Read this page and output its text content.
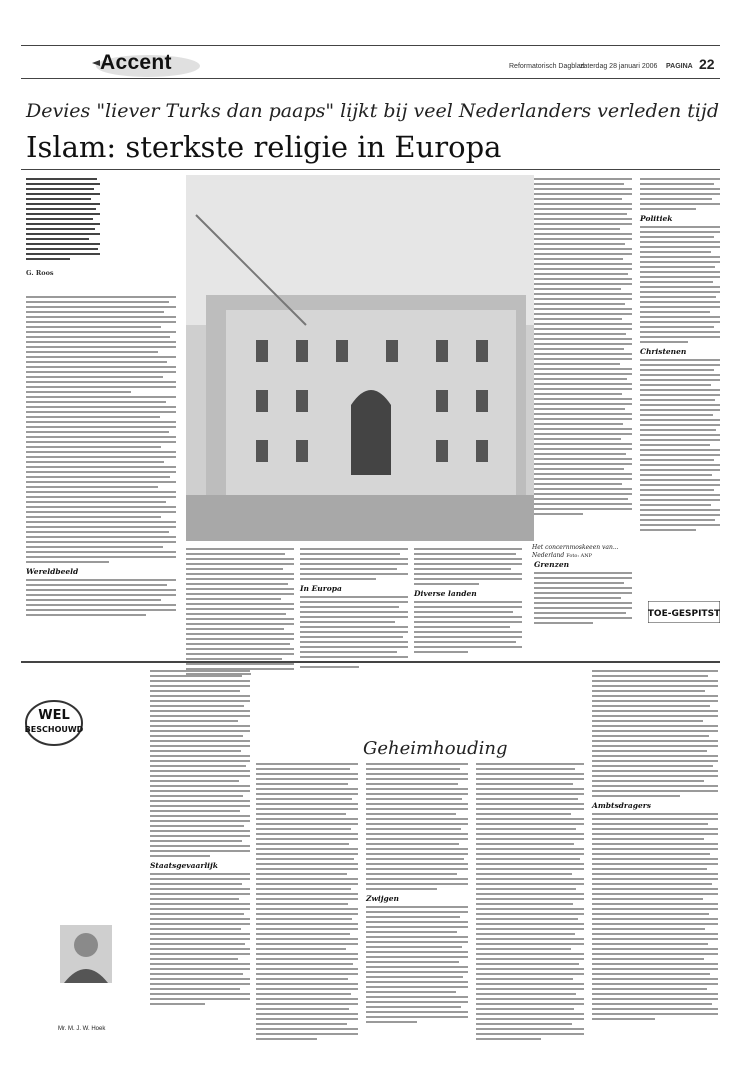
Accent	Reformatorisch Dagblad
zaterdag 28 januari 2006 PAGINA 22
Devies "liever Turks dan paaps" lijkt bij veel Nederlanders verleden tijd
Islam: sterkste religie in Europa
G. Roos
Wereldbeeld
Het concernmoskeeen van... Nederland Foto: ANP
In Europa
Diverse landen
Grenzen
Politiek
Christenen
TOE-GESPITST
WEL
BESCHOUWD
Mr. M. J. W. Hoek
Geheimhouding
Staatsgevaarlijk
Zwijgen
Ambtsdragers
